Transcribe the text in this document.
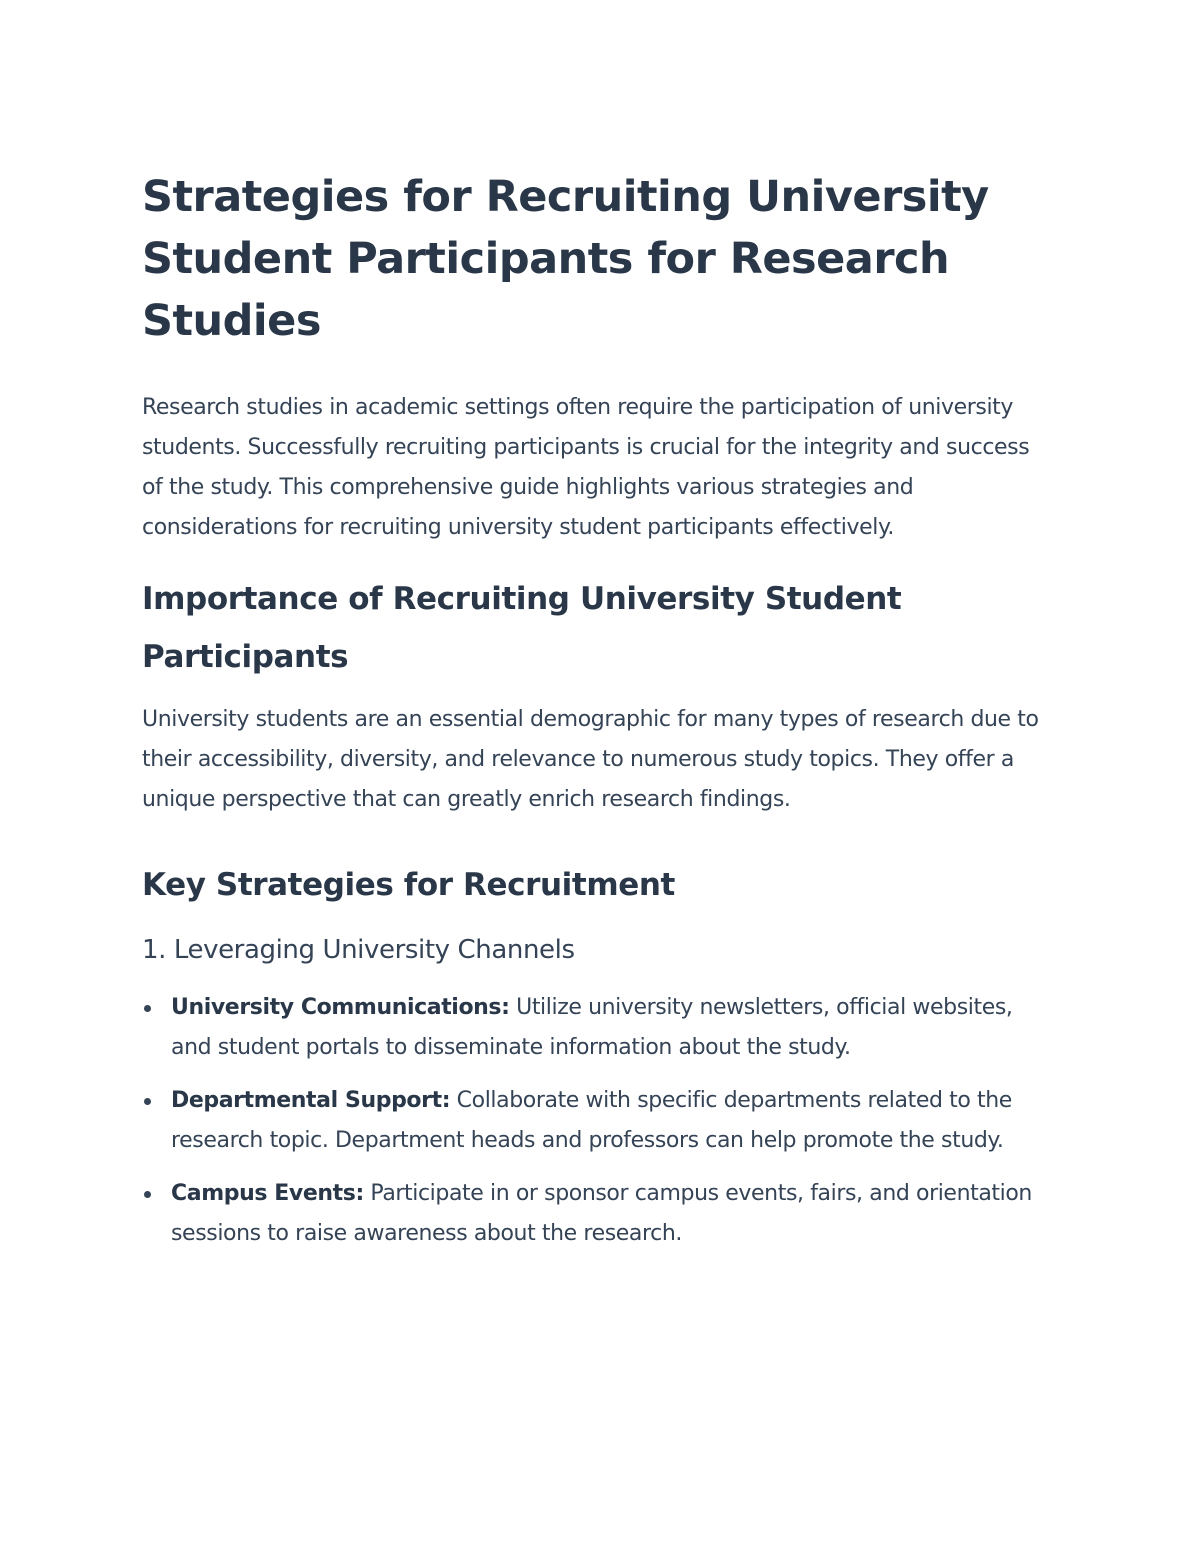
Strategies for Recruiting University Student Participants for Research Studies

Research studies in academic settings often require the participation of university students. Successfully recruiting participants is crucial for the integrity and success of the study. This comprehensive guide highlights various strategies and considerations for recruiting university student participants effectively.

Importance of Recruiting University Student Participants

University students are an essential demographic for many types of research due to their accessibility, diversity, and relevance to numerous study topics. They offer a unique perspective that can greatly enrich research findings.

Key Strategies for Recruitment
1. Leveraging University Channels
University Communications: Utilize university newsletters, official websites, and student portals to disseminate information about the study.
Departmental Support: Collaborate with specific departments related to the research topic. Department heads and professors can help promote the study.
Campus Events: Participate in or sponsor campus events, fairs, and orientation sessions to raise awareness about the research.
